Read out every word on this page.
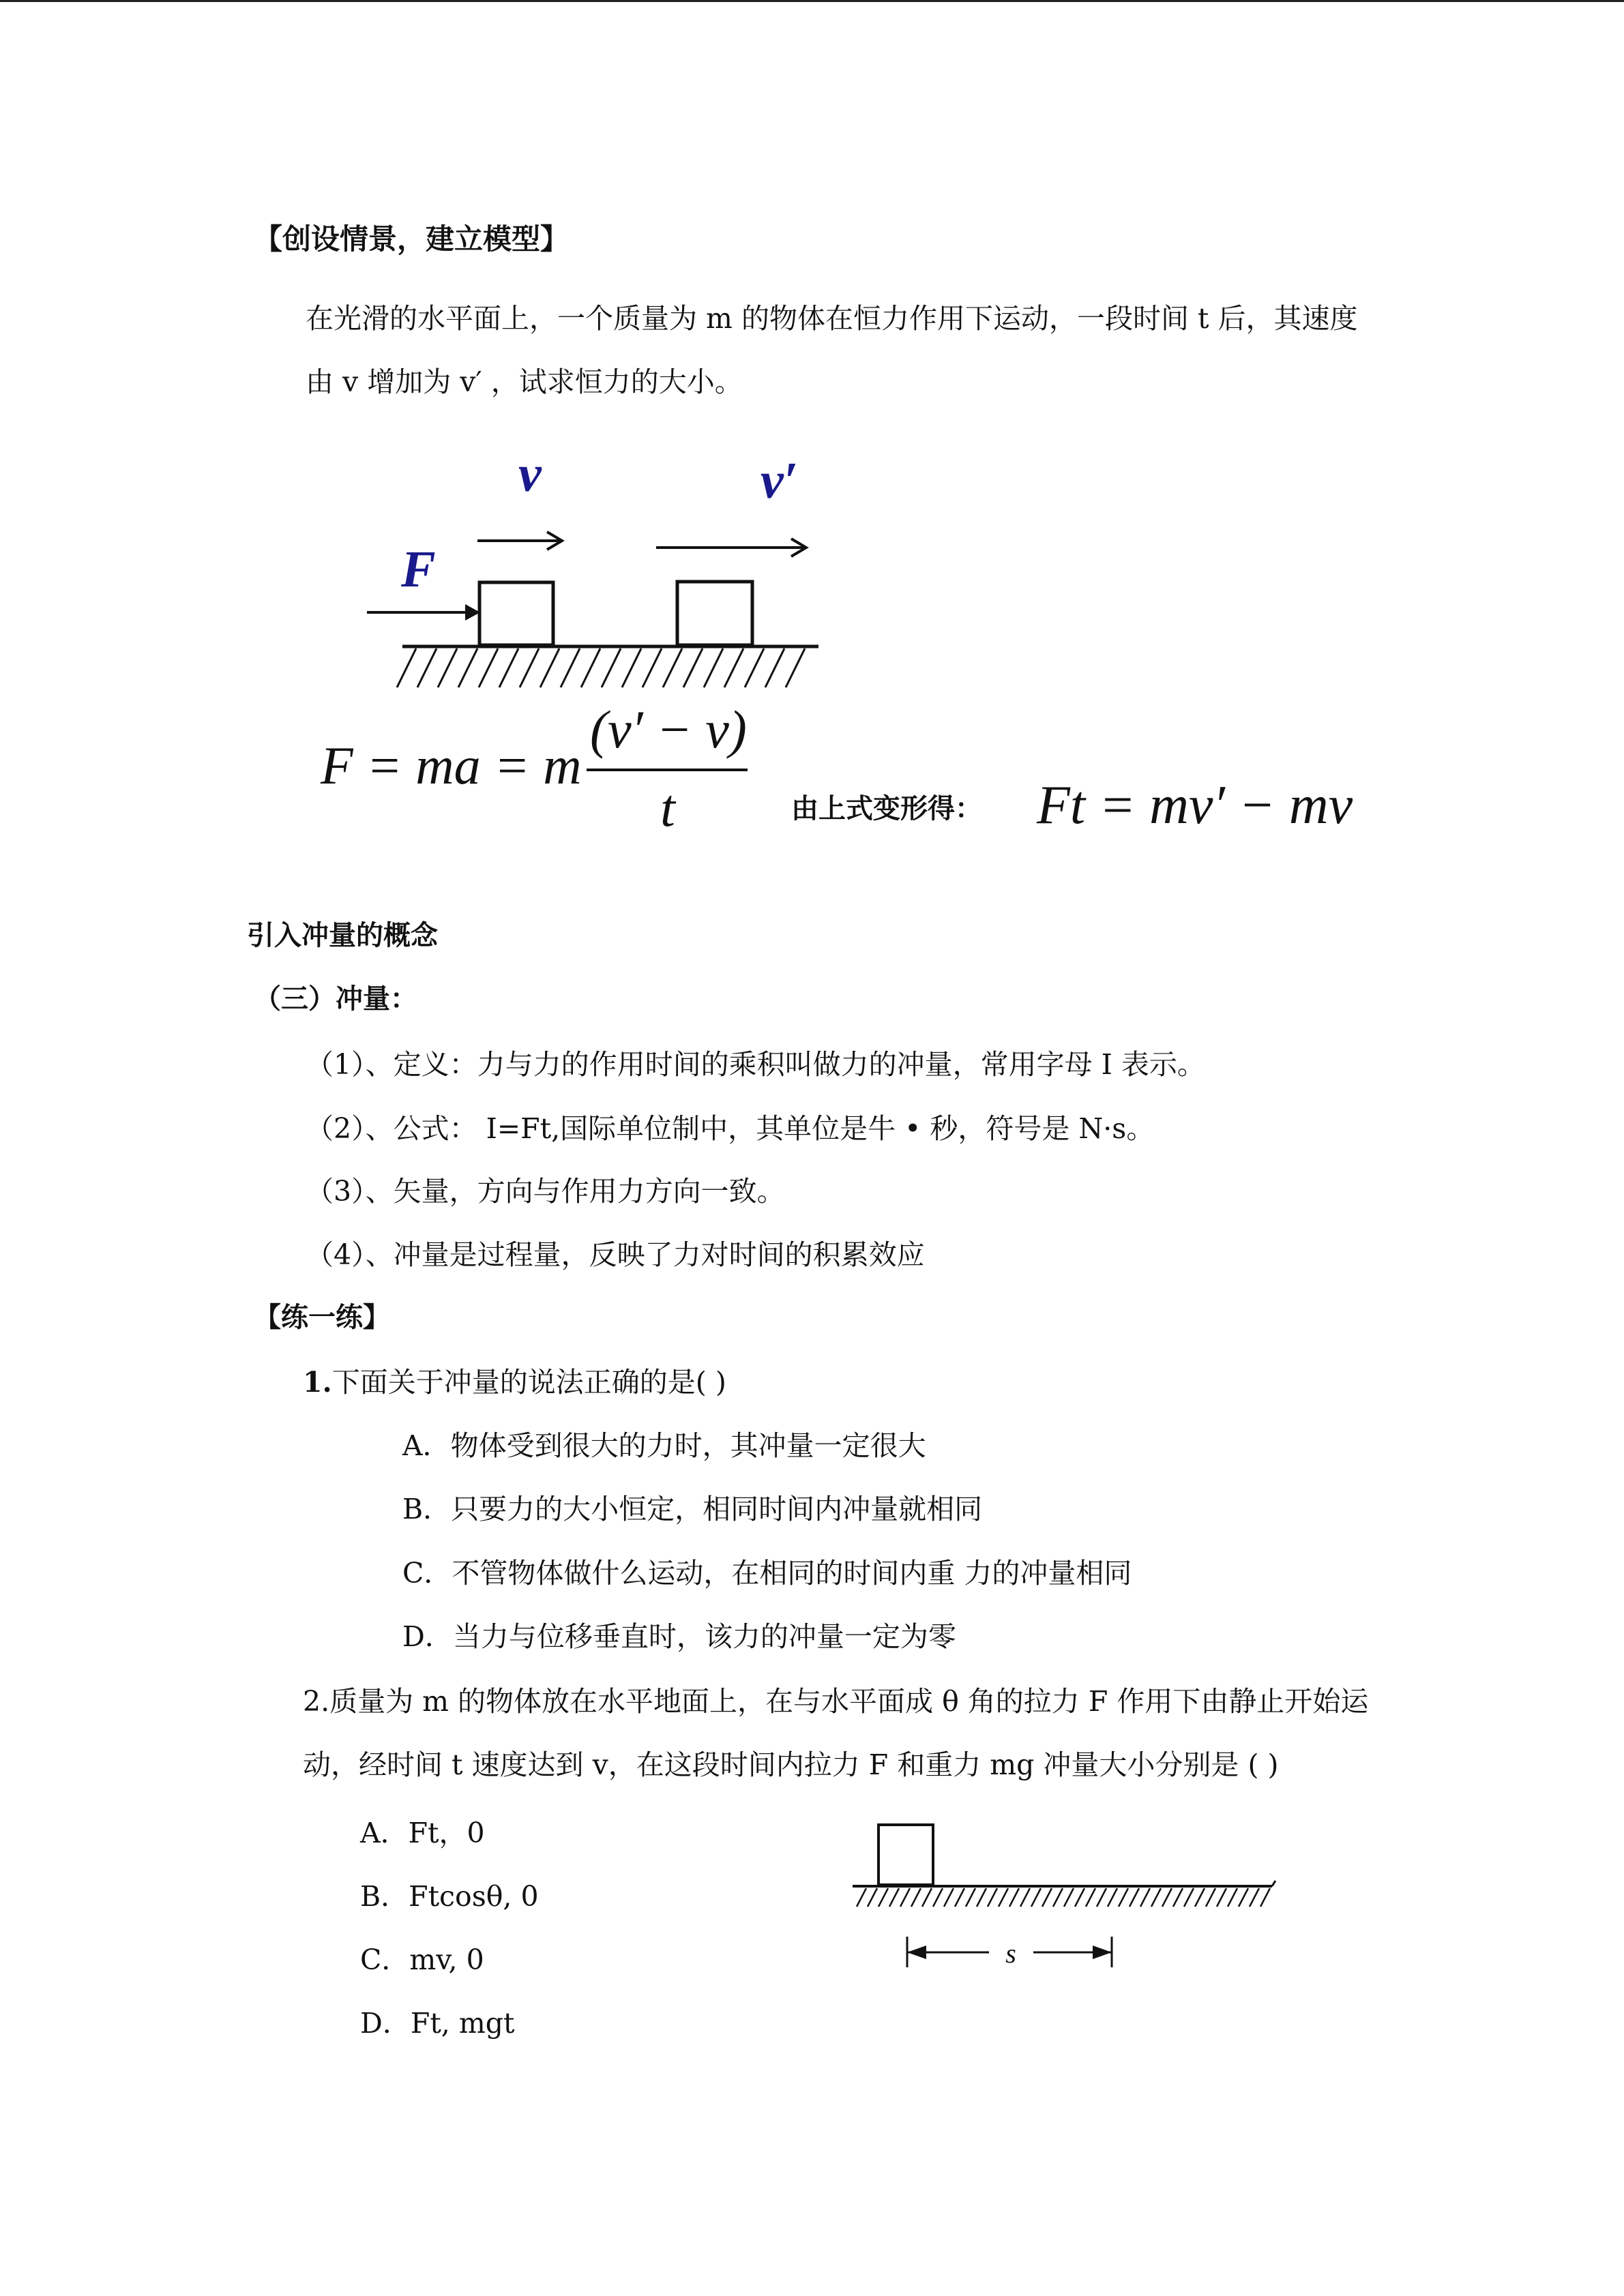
【创设情景，建立模型】
在光滑的水平面上，一个质量为 m 的物体在恒力作用下运动，一段时间 t 后，其速度
由 v 增加为 v′ ，试求恒力的大小。
v	v′
F
F = ma = m
(v′ − v)
t	由上式变形得： Ft = mv′ − mv
引入冲量的概念
（三）冲量：
（1）、定义：力与力的作用时间的乘积叫做力的冲量，常用字母 I 表示。
（2）、公式： I=Ft,国际单位制中，其单位是牛 • 秒，符号是 N·s。
（3）、矢量，方向与作用力方向一致。
（4）、冲量是过程量，反映了力对时间的积累效应
【练一练】
1.下面关于冲量的说法正确的是( )
A．物体受到很大的力时，其冲量一定很大
B．只要力的大小恒定，相同时间内冲量就相同
C．不管物体做什么运动，在相同的时间内重 力的冲量相同
D．当力与位移垂直时，该力的冲量一定为零
2.质量为 m 的物体放在水平地面上，在与水平面成 θ 角的拉力 F 作用下由静止开始运
动，经时间 t 速度达到 v，在这段时间内拉力 F 和重力 mg 冲量大小分别是 ( )
A．Ft，0
B．Ftcosθ, 0
C．mv, 0
D．Ft, mgt
s
